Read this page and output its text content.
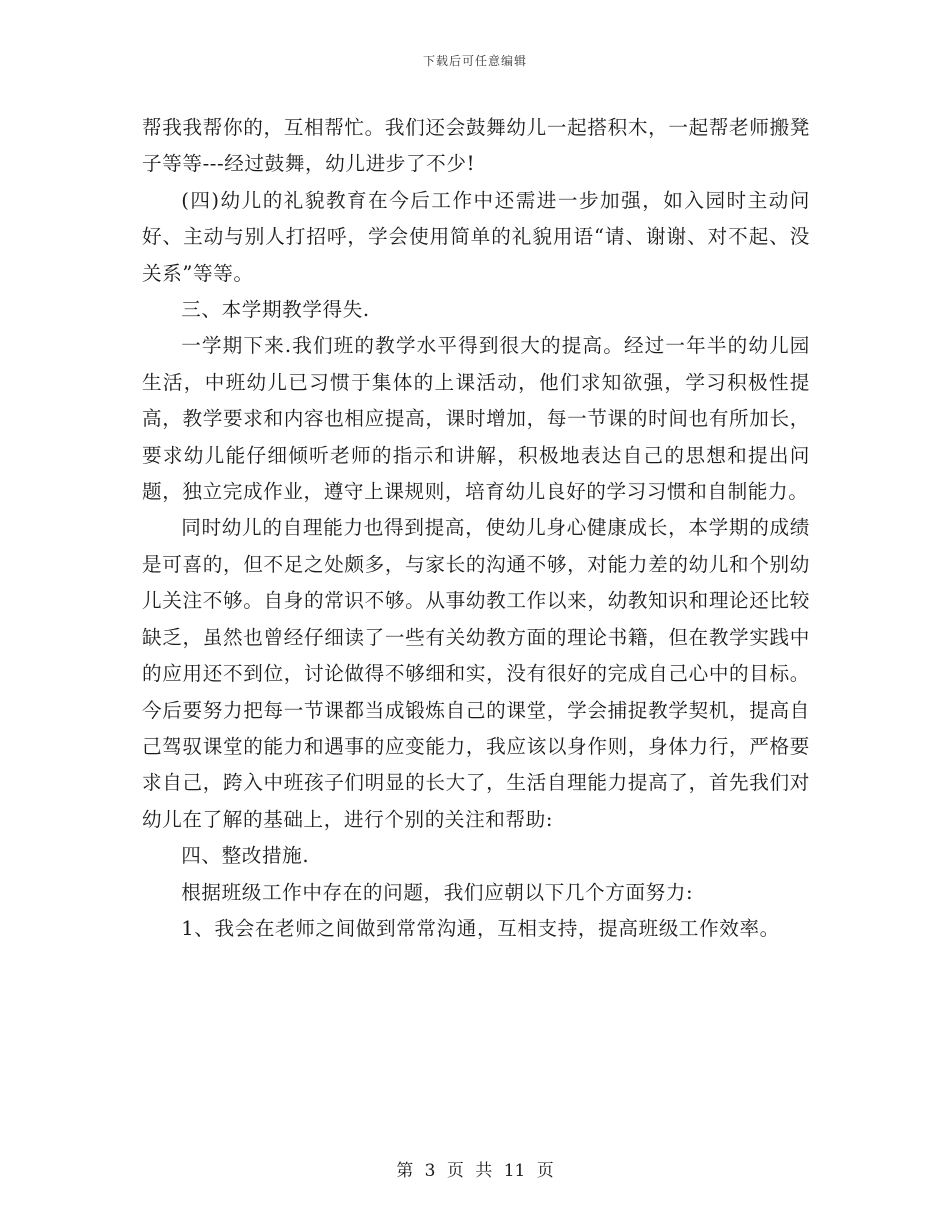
下载后可任意编辑

帮我我帮你的，互相帮忙。我们还会鼓舞幼儿一起搭积木，一起帮老师搬凳子等等---经过鼓舞，幼儿进步了不少!

(四)幼儿的礼貌教育在今后工作中还需进一步加强，如入园时主动问好、主动与别人打招呼，学会使用简单的礼貌用语“请、谢谢、对不起、没关系”等等。

三、本学期教学得失.

一学期下来.我们班的教学水平得到很大的提高。经过一年半的幼儿园生活，中班幼儿已习惯于集体的上课活动，他们求知欲强，学习积极性提高，教学要求和内容也相应提高，课时增加，每一节课的时间也有所加长，要求幼儿能仔细倾听老师的指示和讲解，积极地表达自己的思想和提出问题，独立完成作业，遵守上课规则，培育幼儿良好的学习习惯和自制能力。

同时幼儿的自理能力也得到提高，使幼儿身心健康成长，本学期的成绩是可喜的，但不足之处颇多，与家长的沟通不够，对能力差的幼儿和个别幼儿关注不够。自身的常识不够。从事幼教工作以来，幼教知识和理论还比较缺乏，虽然也曾经仔细读了一些有关幼教方面的理论书籍，但在教学实践中的应用还不到位，讨论做得不够细和实，没有很好的完成自己心中的目标。今后要努力把每一节课都当成锻炼自己的课堂，学会捕捉教学契机，提高自己驾驭课堂的能力和遇事的应变能力，我应该以身作则，身体力行，严格要求自己，跨入中班孩子们明显的长大了，生活自理能力提高了，首先我们对幼儿在了解的基础上，进行个别的关注和帮助:

四、整改措施.

根据班级工作中存在的问题，我们应朝以下几个方面努力:

1、我会在老师之间做到常常沟通，互相支持，提高班级工作效率。

第 3 页 共 11 页
